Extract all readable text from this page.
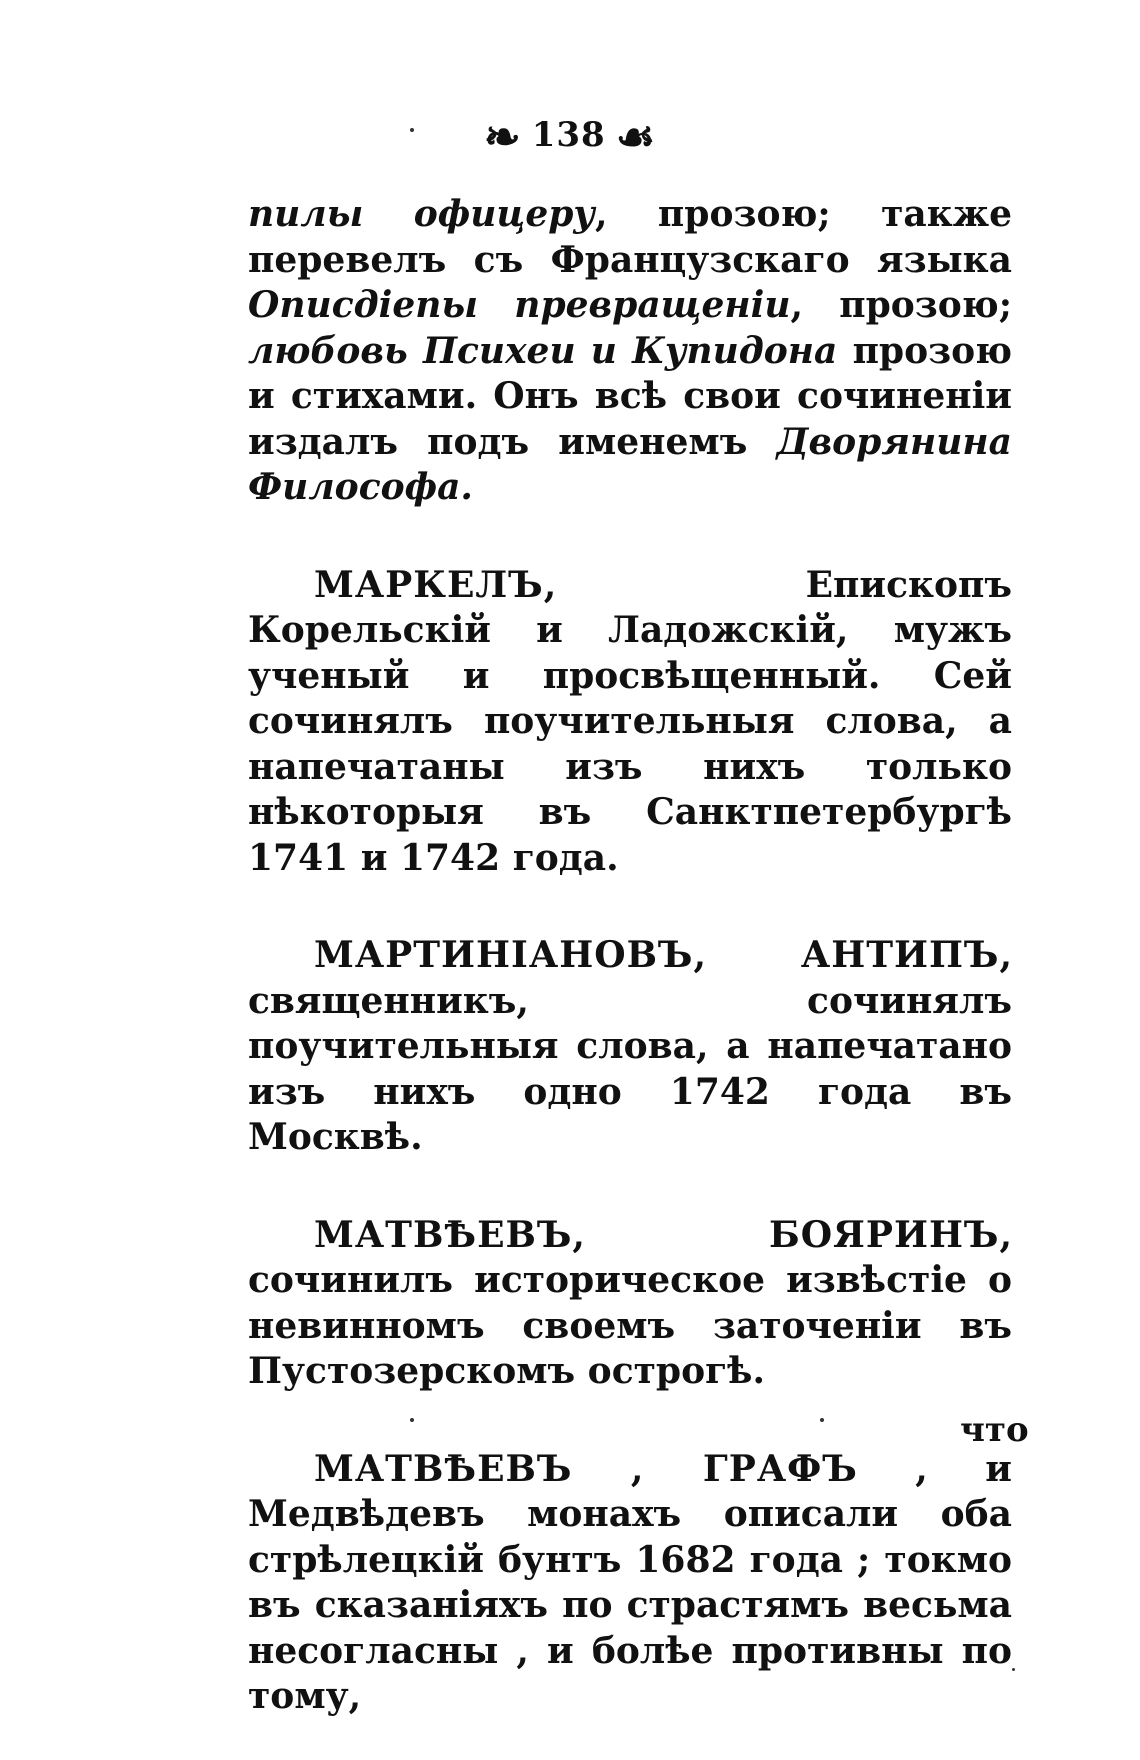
❧ 138 ☙

пилы офицеру, прозою; также перевелъ съ Французскаго языка Описдіепы превращеніи, прозою; любовь Психеи и Купидона прозою и стихами. Онъ всѣ свои сочиненіи издалъ подъ именемъ Дворянина Философа.

МАРКЕЛЪ, Епископъ Корельскій и Ладожскій, мужъ ученый и просвѣщенный. Сей сочинялъ поучительныя слова, а напечатаны изъ нихъ только нѣкоторыя въ Санктпетербургѣ 1741 и 1742 года.

МАРТИНІАНОВЪ, АНТИПЪ, священникъ, сочинялъ поучительныя слова, а напечатано изъ нихъ одно 1742 года въ Москвѣ.

МАТВѢЕВЪ, БОЯРИНЪ, сочинилъ историческое извѣстіе о невинномъ своемъ заточеніи въ Пустозерскомъ острогѣ.

МАТВѢЕВЪ , ГРАФЪ , и Медвѣдевъ монахъ описали оба стрѣлецкій бунтъ 1682 года ; токмо въ сказаніяхъ по страстямъ весьма несогласны , и болѣе противны по тому,

что
